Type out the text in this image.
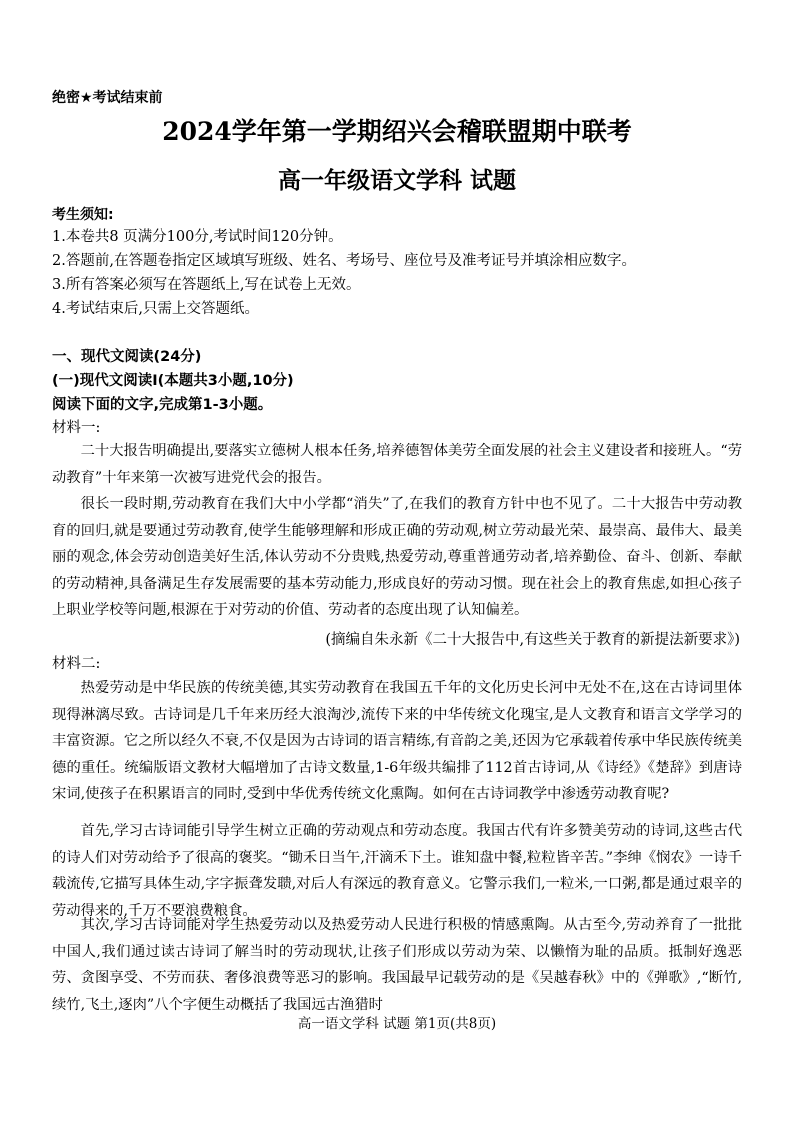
绝密★考试结束前
2024学年第一学期绍兴会稽联盟期中联考
高一年级语文学科 试题
考生须知:
1.本卷共8 页满分100分,考试时间120分钟。
2.答题前,在答题卷指定区域填写班级、姓名、考场号、座位号及准考证号并填涂相应数字。
3.所有答案必须写在答题纸上,写在试卷上无效。
4.考试结束后,只需上交答题纸。
一、现代文阅读(24分)
(一)现代文阅读Ⅰ(本题共3小题,10分)
阅读下面的文字,完成第1-3小题。
材料一:
二十大报告明确提出,要落实立德树人根本任务,培养德智体美劳全面发展的社会主义建设者和接班人。“劳动教育”十年来第一次被写进党代会的报告。
很长一段时期,劳动教育在我们大中小学都“消失”了,在我们的教育方针中也不见了。二十大报告中劳动教育的回归,就是要通过劳动教育,使学生能够理解和形成正确的劳动观,树立劳动最光荣、最崇高、最伟大、最美丽的观念,体会劳动创造美好生活,体认劳动不分贵贱,热爱劳动,尊重普通劳动者,培养勤俭、奋斗、创新、奉献的劳动精神,具备满足生存发展需要的基本劳动能力,形成良好的劳动习惯。现在社会上的教育焦虑,如担心孩子上职业学校等问题,根源在于对劳动的价值、劳动者的态度出现了认知偏差。
(摘编自朱永新《二十大报告中,有这些关于教育的新提法新要求》)
材料二:
热爱劳动是中华民族的传统美德,其实劳动教育在我国五千年的文化历史长河中无处不在,这在古诗词里体现得淋漓尽致。古诗词是几千年来历经大浪淘沙,流传下来的中华传统文化瑰宝,是人文教育和语言文学学习的丰富资源。它之所以经久不衰,不仅是因为古诗词的语言精练,有音韵之美,还因为它承载着传承中华民族传统美德的重任。统编版语文教材大幅增加了古诗文数量,1-6年级共编排了112首古诗词,从《诗经》《楚辞》到唐诗宋词,使孩子在积累语言的同时,受到中华优秀传统文化熏陶。如何在古诗词教学中渗透劳动教育呢?
首先,学习古诗词能引导学生树立正确的劳动观点和劳动态度。我国古代有许多赞美劳动的诗词,这些古代的诗人们对劳动给予了很高的褒奖。“锄禾日当午,汗滴禾下土。谁知盘中餐,粒粒皆辛苦。”李绅《悯农》一诗千载流传,它描写具体生动,字字振聋发聩,对后人有深远的教育意义。它警示我们,一粒米,一口粥,都是通过艰辛的劳动得来的,千万不要浪费粮食。
其次,学习古诗词能对学生热爱劳动以及热爱劳动人民进行积极的情感熏陶。从古至今,劳动养育了一批批中国人,我们通过读古诗词了解当时的劳动现状,让孩子们形成以劳动为荣、以懒惰为耻的品质。抵制好逸恶劳、贪图享受、不劳而获、奢侈浪费等恶习的影响。我国最早记载劳动的是《吴越春秋》中的《弹歌》,“断竹,续竹,飞土,逐肉”八个字便生动概括了我国远古渔猎时
高一语文学科 试题 第1页(共8页)
